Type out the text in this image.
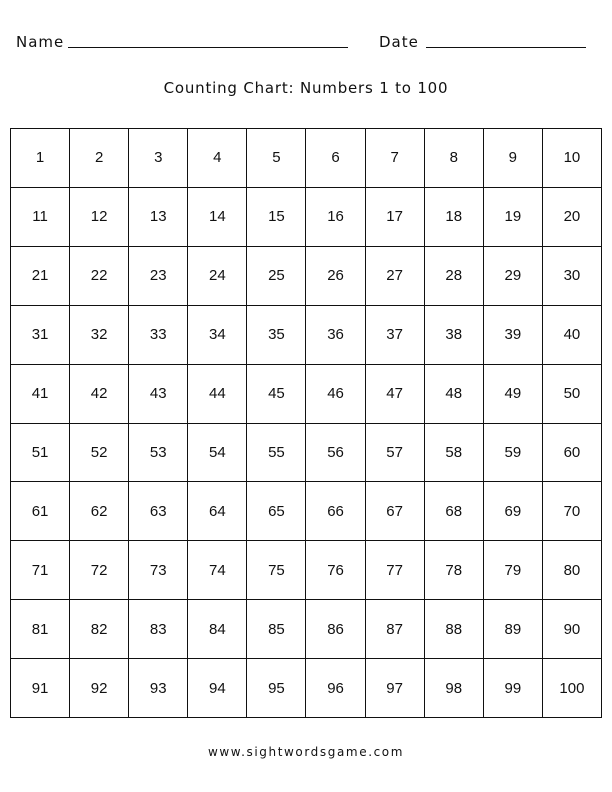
Name	Date
Counting Chart: Numbers 1 to 100
1	2	3	4	5	6	7	8	9	10
11	12	13	14	15	16	17	18	19	20
21	22	23	24	25	26	27	28	29	30
31	32	33	34	35	36	37	38	39	40
41	42	43	44	45	46	47	48	49	50
51	52	53	54	55	56	57	58	59	60
61	62	63	64	65	66	67	68	69	70
71	72	73	74	75	76	77	78	79	80
81	82	83	84	85	86	87	88	89	90
91	92	93	94	95	96	97	98	99	100
www.sightwordsgame.com
